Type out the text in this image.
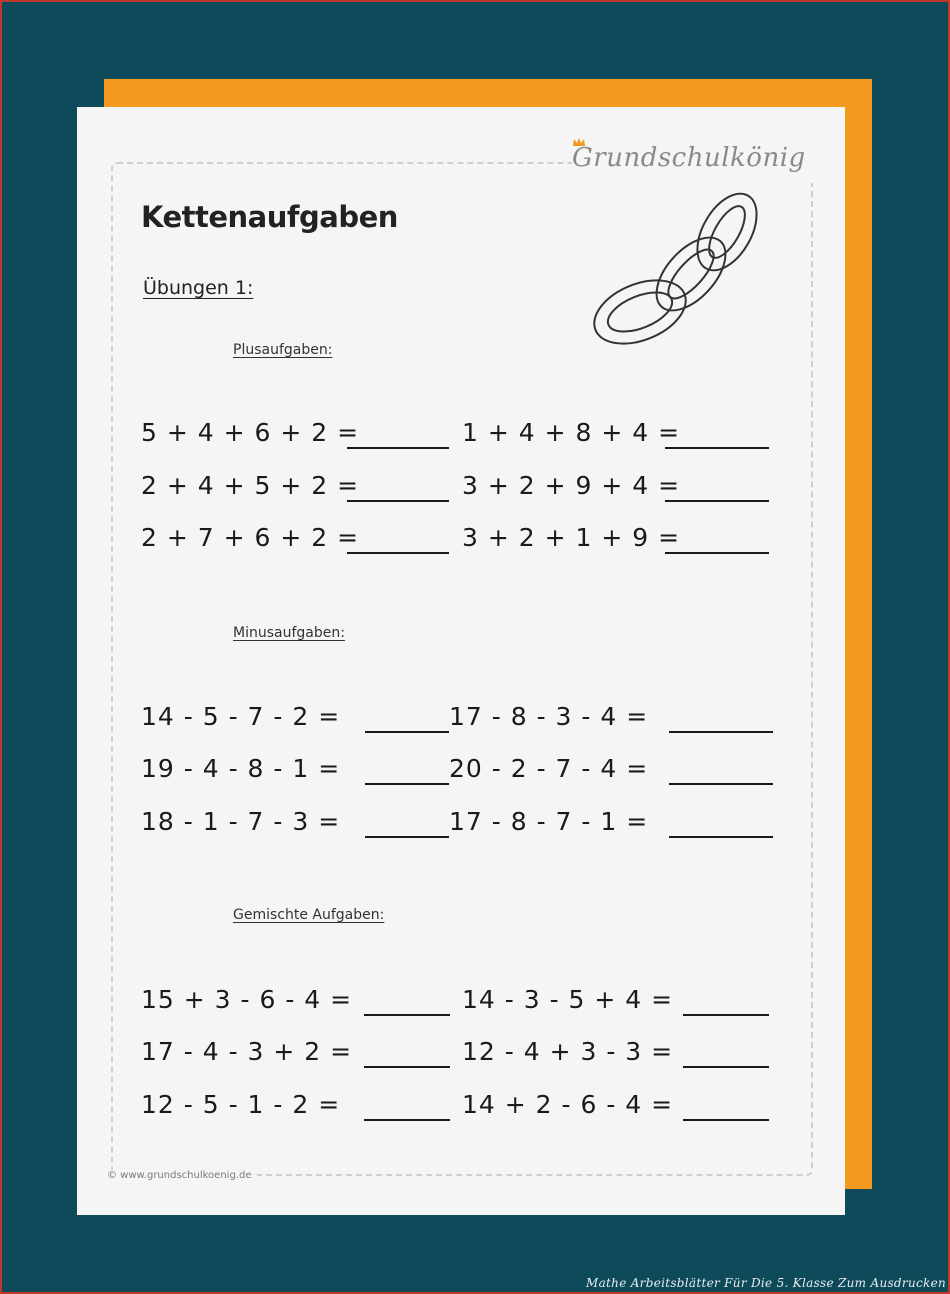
Grundschulkönig
Kettenaufgaben
Übungen 1:
Plusaufgaben:
5 + 4 + 6 + 2 =	1 + 4 + 8 + 4 =
2 + 4 + 5 + 2 =	3 + 2 + 9 + 4 =
2 + 7 + 6 + 2 =	3 + 2 + 1 + 9 =
Minusaufgaben:
14 - 5 - 7 - 2 =	17 - 8 - 3 - 4 =
19 - 4 - 8 - 1 =	20 - 2 - 7 - 4 =
18 - 1 - 7 - 3 =	17 - 8 - 7 - 1 =
Gemischte Aufgaben:
15 + 3 - 6 - 4 =	14 - 3 - 5 + 4 =
17 - 4 - 3 + 2 =	12 - 4 + 3 - 3 =
12 - 5 - 1 - 2 =	14 + 2 - 6 - 4 =
© www.grundschulkoenig.de
Mathe Arbeitsblätter Für Die 5. Klasse Zum Ausdrucken
